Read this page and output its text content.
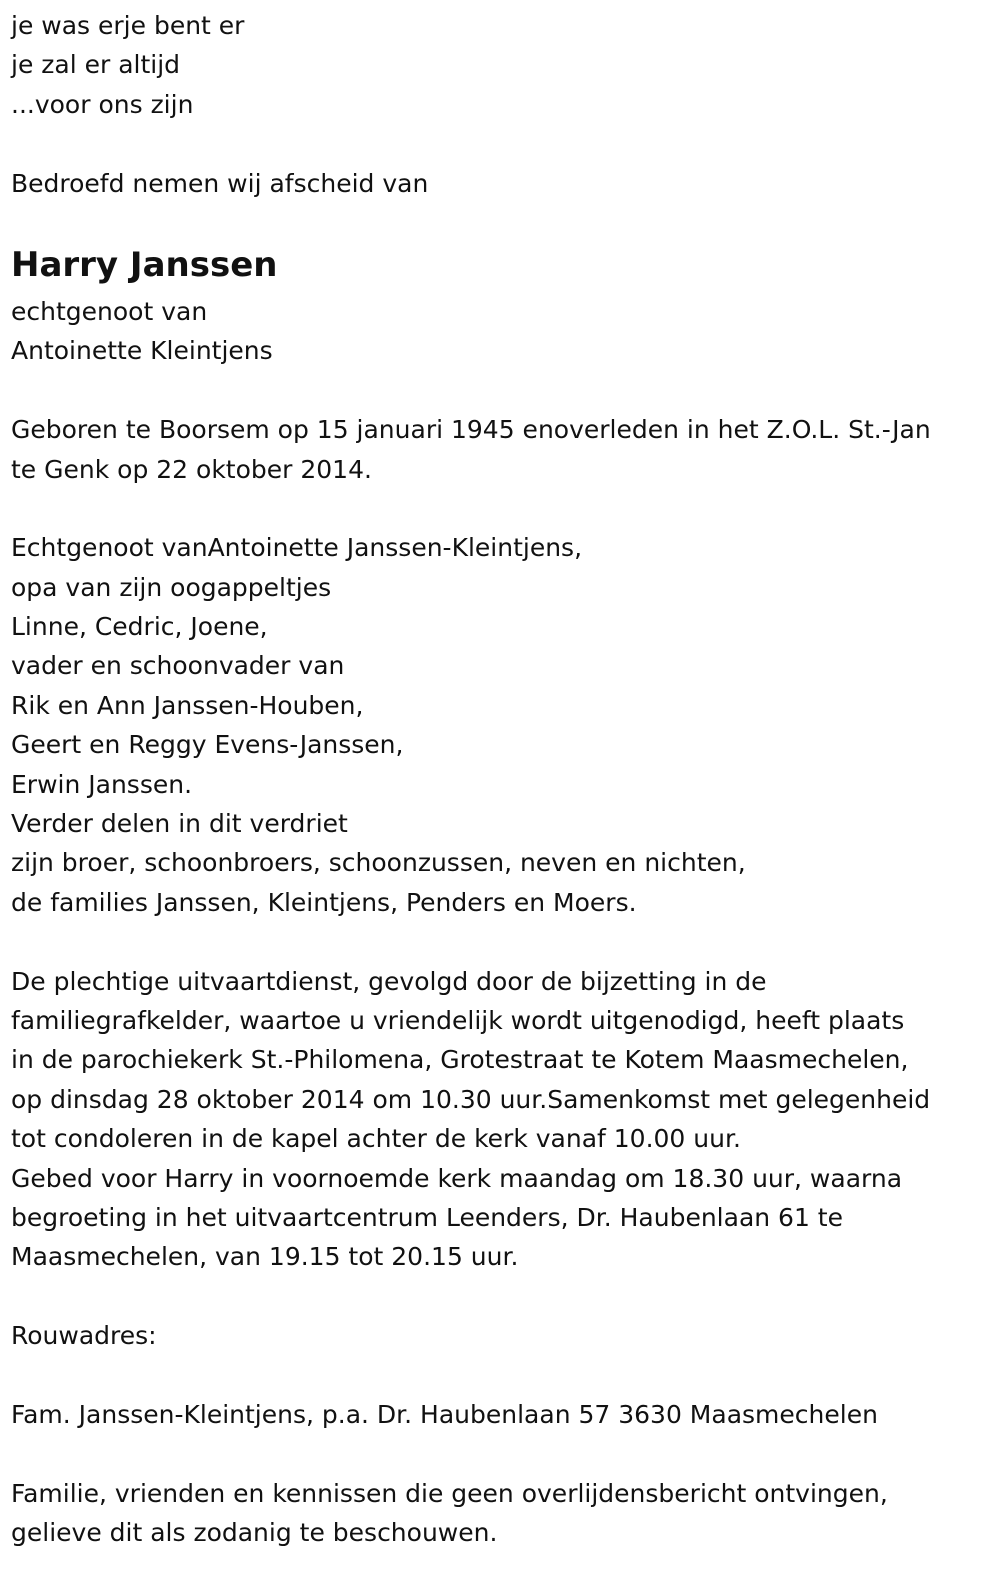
je was erje bent er
je zal er altijd
...voor ons zijn
Bedroefd nemen wij afscheid van
Harry Janssen
echtgenoot van
Antoinette Kleintjens
Geboren te Boorsem op 15 januari 1945 enoverleden in het Z.O.L. St.-Jan
te Genk op 22 oktober 2014.
Echtgenoot vanAntoinette Janssen-Kleintjens,
opa van zijn oogappeltjes
Linne, Cedric, Joene,
vader en schoonvader van
Rik en Ann Janssen-Houben,
Geert en Reggy Evens-Janssen,
Erwin Janssen.
Verder delen in dit verdriet
zijn broer, schoonbroers, schoonzussen, neven en nichten,
de families Janssen, Kleintjens, Penders en Moers.
De plechtige uitvaartdienst, gevolgd door de bijzetting in de
familiegrafkelder, waartoe u vriendelijk wordt uitgenodigd, heeft plaats
in de parochiekerk St.-Philomena, Grotestraat te Kotem Maasmechelen,
op dinsdag 28 oktober 2014 om 10.30 uur.Samenkomst met gelegenheid
tot condoleren in de kapel achter de kerk vanaf 10.00 uur.
Gebed voor Harry in voornoemde kerk maandag om 18.30 uur, waarna
begroeting in het uitvaartcentrum Leenders, Dr. Haubenlaan 61 te
Maasmechelen, van 19.15 tot 20.15 uur.
Rouwadres:
Fam. Janssen-Kleintjens, p.a. Dr. Haubenlaan 57 3630 Maasmechelen
Familie, vrienden en kennissen die geen overlijdensbericht ontvingen,
gelieve dit als zodanig te beschouwen.
